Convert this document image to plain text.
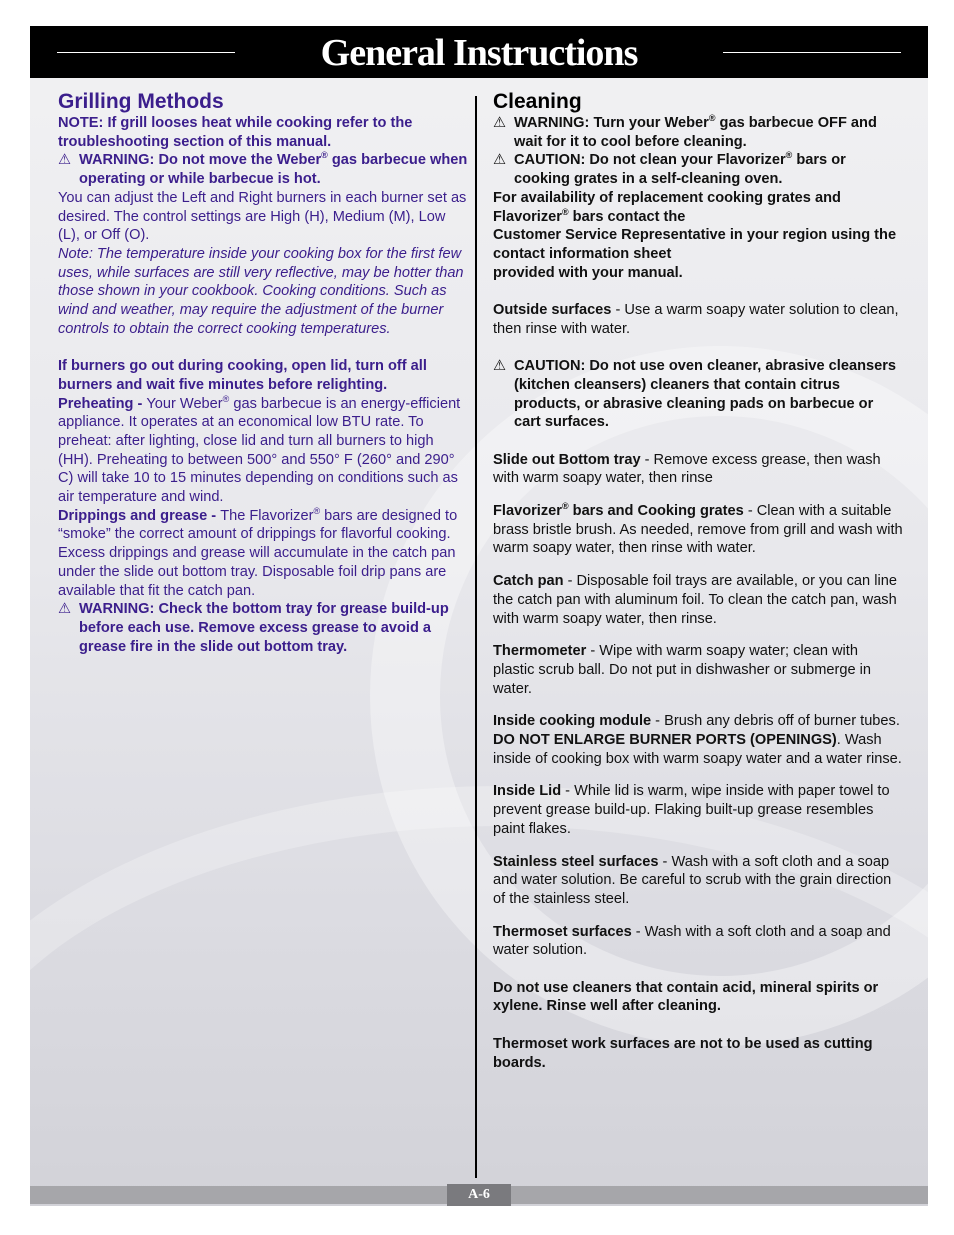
General Instructions
Grilling Methods

NOTE: If grill looses heat while cooking refer to the troubleshooting section of this manual.

⚠ WARNING: Do not move the Weber® gas barbecue when operating or while barbecue is hot.

You can adjust the Left and Right burners in each burner set as desired. The control settings are High (H), Medium (M), Low (L), or Off (O).

Note: The temperature inside your cooking box for the first few uses, while surfaces are still very reflective, may be hotter than those shown in your cookbook. Cooking conditions. Such as wind and weather, may require the adjustment of the burner controls to obtain the correct cooking temperatures.

If burners go out during cooking, open lid, turn off all burners and wait five minutes before relighting.

Preheating - Your Weber® gas barbecue is an energy-efficient appliance. It operates at an economical low BTU rate. To preheat: after lighting, close lid and turn all burners to high (HH). Preheating to between 500° and 550° F (260° and 290° C) will take 10 to 15 minutes depending on conditions such as air temperature and wind.

Drippings and grease - The Flavorizer® bars are designed to “smoke” the correct amount of drippings for flavorful cooking. Excess drippings and grease will accumulate in the catch pan under the slide out bottom tray. Disposable foil drip pans are available that fit the catch pan.

⚠ WARNING: Check the bottom tray for grease build-up before each use. Remove excess grease to avoid a grease fire in the slide out bottom tray.

Cleaning

⚠ WARNING: Turn your Weber® gas barbecue OFF and wait for it to cool before cleaning.

⚠ CAUTION: Do not clean your Flavorizer® bars or cooking grates in a self-cleaning oven.

For availability of replacement cooking grates and

Flavorizer® bars contact the

Customer Service Representative in your region using the contact information sheet

provided with your manual.

Outside surfaces - Use a warm soapy water solution to clean, then rinse with water.

⚠ CAUTION: Do not use oven cleaner, abrasive cleansers (kitchen cleansers) cleaners that contain citrus products, or abrasive cleaning pads on barbecue or cart surfaces.

Slide out Bottom tray - Remove excess grease, then wash with warm soapy water, then rinse

Flavorizer® bars and Cooking grates - Clean with a suitable brass bristle brush. As needed, remove from grill and wash with warm soapy water, then rinse with water.

Catch pan - Disposable foil trays are available, or you can line the catch pan with aluminum foil. To clean the catch pan, wash with warm soapy water, then rinse.

Thermometer - Wipe with warm soapy water; clean with plastic scrub ball. Do not put in dishwasher or submerge in water.

Inside cooking module - Brush any debris off of burner tubes. DO NOT ENLARGE BURNER PORTS (OPENINGS). Wash inside of cooking box with warm soapy water and a water rinse.

Inside Lid - While lid is warm, wipe inside with paper towel to prevent grease build-up. Flaking built-up grease resembles paint flakes.

Stainless steel surfaces - Wash with a soft cloth and a soap and water solution. Be careful to scrub with the grain direction of the stainless steel.

Thermoset surfaces - Wash with a soft cloth and a soap and water solution.

Do not use cleaners that contain acid, mineral spirits or xylene. Rinse well after cleaning.

Thermoset work surfaces are not to be used as cutting boards.

A-6
